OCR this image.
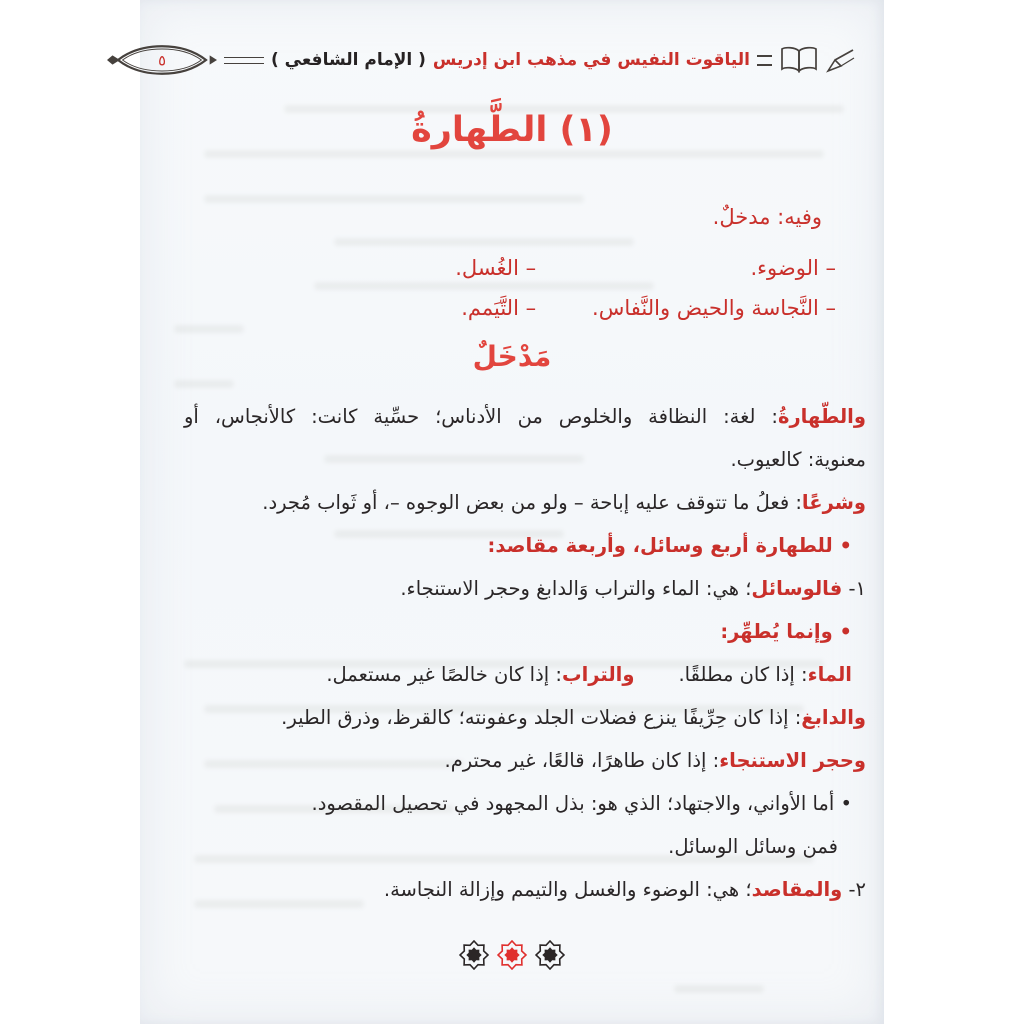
الياقوت النفيس في مذهب ابن إدريس
( الإمام الشافعي )
٥
(١) الطَّهارةُ
وفيه: مدخلٌ.
– الوضوء.
– الغُسل.
– النَّجاسة والحيض والنَّفاس.
– التَّيَمم.
مَدْخَلٌ
والطّهارةُ: لغة: النظافة والخلوص من الأدناس؛ حسِّية كانت: كالأنجاس، أو
معنوية: كالعيوب.
وشرعًا: فعلُ ما تتوقف عليه إباحة – ولو من بعض الوجوه –، أو ثَواب مُجرد.
• للطهارة أربع وسائل، وأربعة مقاصد:
١- فالوسائل؛ هي: الماء والتراب وَالدابغ وحجر الاستنجاء.
• وإنما يُطهِّر:
الماء: إذا كان مطلقًا.والتراب: إذا كان خالصًا غير مستعمل.
والدابغ: إذا كان حِرِّيفًا ينزع فضلات الجلد وعفونته؛ كالقرظ، وذرق الطير.
وحجر الاستنجاء: إذا كان طاهرًا، قالعًا، غير محترم.
• أما الأواني، والاجتهاد؛ الذي هو: بذل المجهود في تحصيل المقصود.
فمن وسائل الوسائل.
٢- والمقاصد؛ هي: الوضوء والغسل والتيمم وإزالة النجاسة.
